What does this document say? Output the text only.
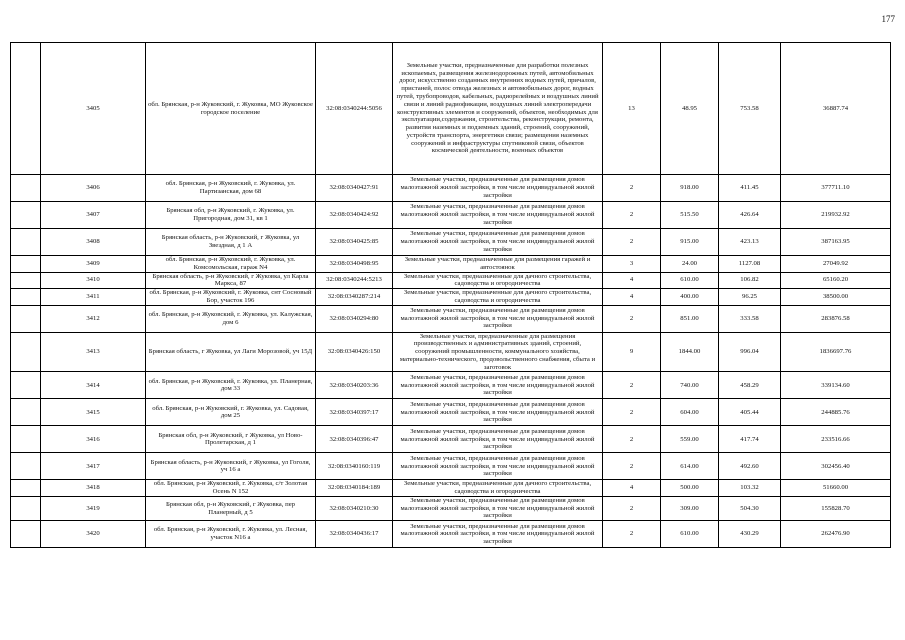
177
	3405	обл. Брянская, р-н Жуковский, г. Жуковка, МО Жуковское городское поселение	32:08:0340244:5056	Земельные участки, предназначенные для разработки полезных ископаемых, размещения железнодорожных путей, автомобильных дорог, искусственно созданных внутренних водных путей, причалов, пристаней, полос отвода железных и автомобильных дорог, водных путей, трубопроводов, кабельных, радиорелейных и воздушных линий связи и линий радиофикации, воздушных линий электропередачи конструктивных элементов и сооружений, объектов, необходимых для эксплуатации,содержания, строительства, реконструкции, ремонта, развития наземных и подземных зданий, строений, сооружений, устройств транспорта, энергетики связи; размещения наземных сооружений и инфраструктуры спутниковой связи, объектов космической деятельности, военных объектов	13	48.95	753.58	36887.74
	3406	обл. Брянская, р-н Жуковский, г. Жуковка, ул. Партизанская, дом 68	32:08:0340427:91	Земельные участки, предназначенные для размещения домов малоэтажной жилой застройки, в том числе индивидуальной жилой застройки	2	918.00	411.45	377711.10
	3407	Брянская обл, р-н Жуковский, г. Жуковка, ул. Пригородная, дом 31, кв 1	32:08:0340424:92	Земельные участки, предназначенные для размещения домов малоэтажной жилой застройки, в том числе индивидуальной жилой застройки	2	515.50	426.64	219932.92
	3408	Брянская область, р-н Жуковский, г Жуковка, ул Звездная, д 1 А	32:08:0340425:85	Земельные участки, предназначенные для размещения домов малоэтажной жилой застройки, в том числе индивидуальной жилой застройки	2	915.00	423.13	387163.95
	3409	обл. Брянская, р-н Жуковский, г. Жуковка, ул. Комсомольская, гараж N4	32:08:0340498:95	Земельные участки, предназначенные для размещения гаражей и автостоянок	3	24.00	1127.08	27049.92
	3410	Брянская область, р-н Жуковский, г Жуковка, ул Карла Маркса, 87	32:08:0340244:5213	Земельные участки, предназначенные для дачного строительства, садоводства и огородничества	4	610.00	106.82	65160.20
	3411	обл. Брянская, р-н Жуковский, г. Жуковка, снт Сосновый Бор, участок 196	32:08:0340287:214	Земельные участки, предназначенные для дачного строительства, садоводства и огородничества	4	400.00	96.25	38500.00
	3412	обл. Брянская, р-н Жуковский, г. Жуковка, ул. Калужская, дом 6	32:08:0340294:80	Земельные участки, предназначенные для размещения домов малоэтажной жилой застройки, в том числе индивидуальной жилой застройки	2	851.00	333.58	283876.58
	3413	Брянская область, г Жуковка, ул Лаги Морозовой, уч 15Д	32:08:0340426:150	Земельные участки, предназначенные для размещения производственных и административных зданий, строений, сооружений промышленности, коммунального хозяйства, материально-технического, продовольственного снабжения, сбыта и заготовок	9	1844.00	996.04	1836697.76
	3414	обл. Брянская, р-н Жуковский, г. Жуковка, ул. Планерная, дом 33	32:08:0340203:36	Земельные участки, предназначенные для размещения домов малоэтажной жилой застройки, в том числе индивидуальной жилой застройки	2	740.00	458.29	339134.60
	3415	обл. Брянская, р-н Жуковский, г. Жуковка, ул. Садовая, дом 25	32:08:0340397:17	Земельные участки, предназначенные для размещения домов малоэтажной жилой застройки, в том числе индивидуальной жилой застройки	2	604.00	405.44	244885.76
	3416	Брянская обл, р-н Жуковский, г Жуковка, ул Ново-Пролетарская, д 1	32:08:0340396:47	Земельные участки, предназначенные для размещения домов малоэтажной жилой застройки, в том числе индивидуальной жилой застройки	2	559.00	417.74	233516.66
	3417	Брянская область, р-н Жуковский, г Жуковка, ул Гоголя, уч 16 а	32:08:0340160:119	Земельные участки, предназначенные для размещения домов малоэтажной жилой застройки, в том числе индивидуальной жилой застройки	2	614.00	492.60	302456.40
	3418	обл. Брянская, р-н Жуковский, г. Жуковка, с/т Золотая Осень N 152	32:08:0340184:189	Земельные участки, предназначенные для дачного строительства, садоводства и огородничества	4	500.00	103.32	51660.00
	3419	Брянская обл, р-н Жуковский, г Жуковка, пер Планерный, д 5	32:08:0340210:30	Земельные участки, предназначенные для размещения домов малоэтажной жилой застройки, в том числе индивидуальной жилой застройки	2	309.00	504.30	155828.70
	3420	обл. Брянская, р-н Жуковский, г. Жуковка, ул. Лесная, участок N16 а	32:08:0340436:17	Земельные участки, предназначенные для размещения домов малоэтажной жилой застройки, в том числе индивидуальной жилой застройки	2	610.00	430.29	262476.90
